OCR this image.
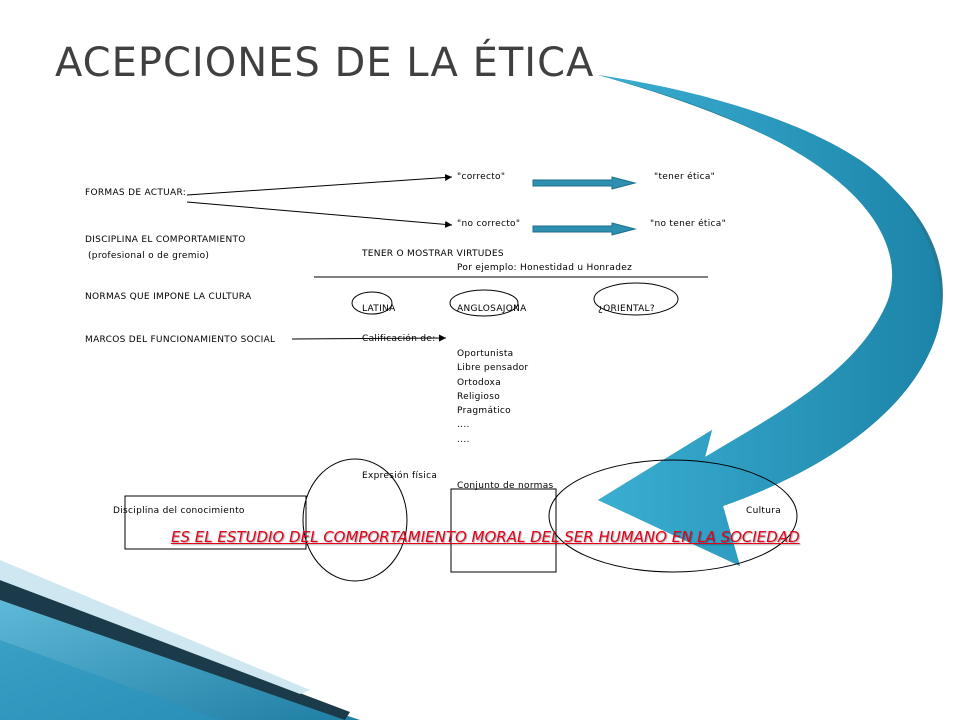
ACEPCIONES DE LA ÉTICA
FORMAS DE ACTUAR:
DISCIPLINA EL COMPORTAMIENTO
(profesional o de gremio)
NORMAS QUE IMPONE LA CULTURA
MARCOS DEL FUNCIONAMIENTO SOCIAL
"correcto"	"tener ética"
"no correcto"	"no tener ética"
TENER O MOSTRAR VIRTUDES
Por ejemplo: Honestidad u Honradez
LATINA	ANGLOSAJONA	¿ORIENTAL?
Calificación de:
Oportunista
Libre pensador
Ortodoxa
Religioso
Pragmático
....
....
Expresión física
Conjunto de normas
Disciplina del conocimiento	Cultura
ES EL ESTUDIO DEL COMPORTAMIENTO MORAL DEL SER HUMANO EN LA SOCIEDAD
